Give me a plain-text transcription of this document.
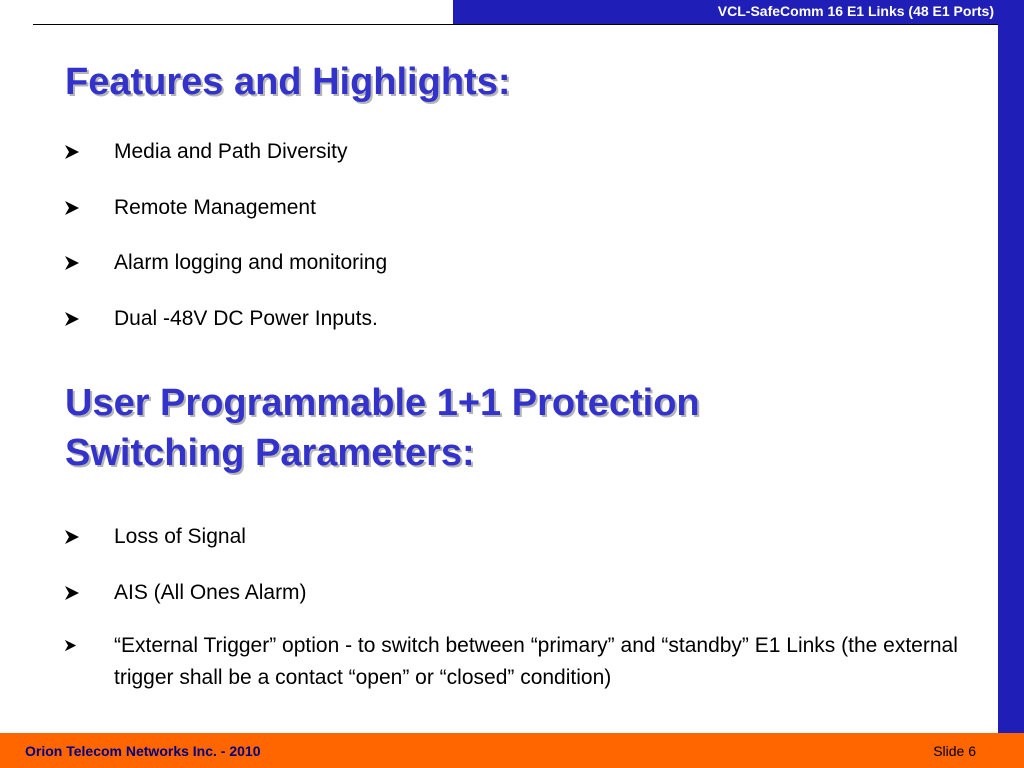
VCL-SafeComm 16 E1 Links (48 E1 Ports)
Features and Highlights:
Media and Path Diversity
Remote Management
Alarm logging and monitoring
Dual -48V DC Power Inputs.
User Programmable 1+1 Protection
Switching Parameters:
Loss of Signal
AIS (All Ones Alarm)
“External Trigger” option - to switch between “primary” and “standby” E1 Links (the external trigger shall be a contact “open” or “closed” condition)
Orion Telecom Networks Inc. - 2010	Slide 6
